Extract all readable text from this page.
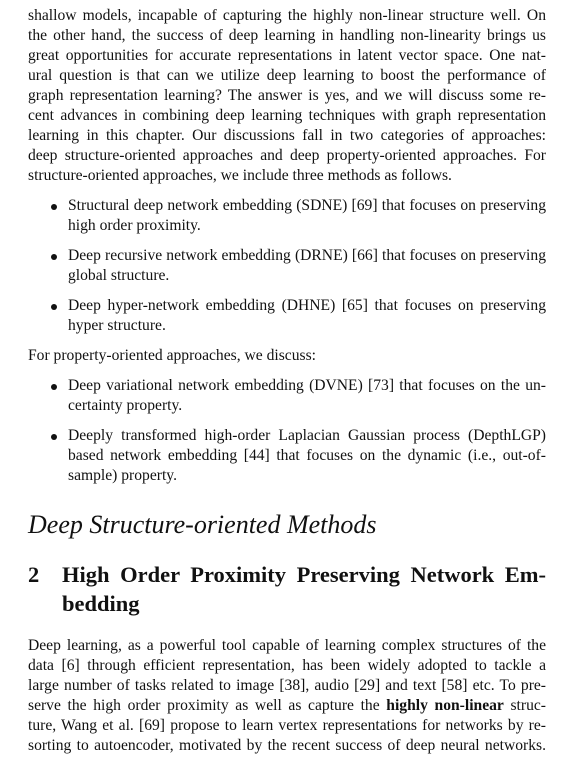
shallow models, incapable of capturing the highly non-linear structure well. On
the other hand, the success of deep learning in handling non-linearity brings us
great opportunities for accurate representations in latent vector space. One nat-
ural question is that can we utilize deep learning to boost the performance of
graph representation learning? The answer is yes, and we will discuss some re-
cent advances in combining deep learning techniques with graph representation
learning in this chapter. Our discussions fall in two categories of approaches:
deep structure-oriented approaches and deep property-oriented approaches. For
structure-oriented approaches, we include three methods as follows.
Structural deep network embedding (SDNE) [69] that focuses on preserving
high order proximity.
Deep recursive network embedding (DRNE) [66] that focuses on preserving
global structure.
Deep hyper-network embedding (DHNE) [65] that focuses on preserving
hyper structure.
For property-oriented approaches, we discuss:
Deep variational network embedding (DVNE) [73] that focuses on the un-
certainty property.
Deeply transformed high-order Laplacian Gaussian process (DepthLGP)
based network embedding [44] that focuses on the dynamic (i.e., out-of-
sample) property.
Deep Structure-oriented Methods
2 High Order Proximity Preserving Network Em-
bedding
Deep learning, as a powerful tool capable of learning complex structures of the
data [6] through efficient representation, has been widely adopted to tackle a
large number of tasks related to image [38], audio [29] and text [58] etc. To pre-
serve the high order proximity as well as capture the highly non-linear struc-
ture, Wang et al. [69] propose to learn vertex representations for networks by re-
sorting to autoencoder, motivated by the recent success of deep neural networks.
